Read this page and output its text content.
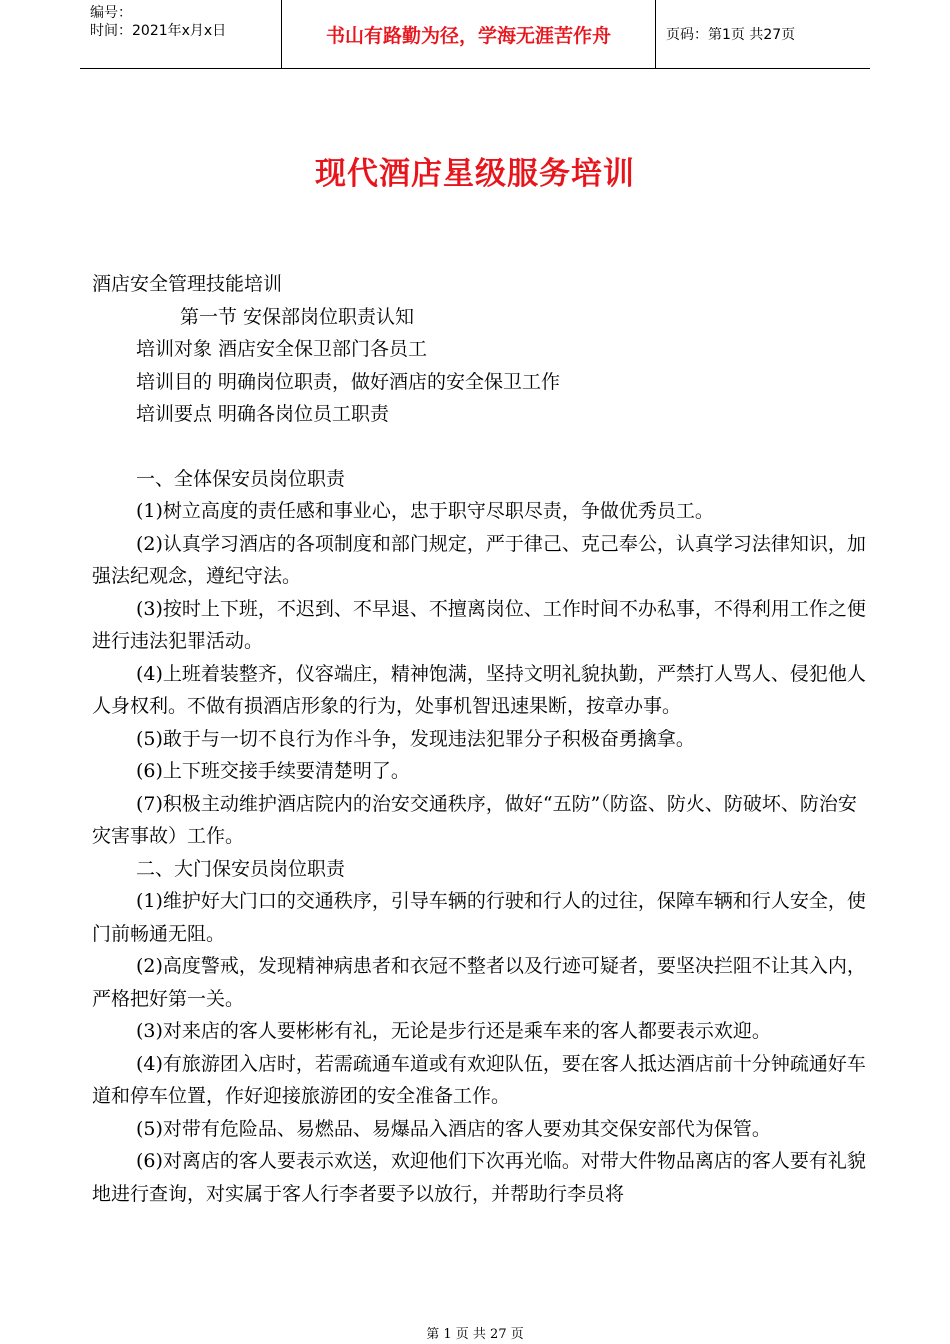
编号：
时间：2021年x月x日	书山有路勤为径，学海无涯苦作舟	页码：第1页 共27页
现代酒店星级服务培训

酒店安全管理技能培训

第一节 安保部岗位职责认知

培训对象 酒店安全保卫部门各员工

培训目的 明确岗位职责，做好酒店的安全保卫工作

培训要点 明确各岗位员工职责

一、全体保安员岗位职责

(1)树立高度的责任感和事业心，忠于职守尽职尽责，争做优秀员工。

(2)认真学习酒店的各项制度和部门规定，严于律己、克己奉公，认真学习法律知识，加强法纪观念，遵纪守法。

(3)按时上下班，不迟到、不早退、不擅离岗位、工作时间不办私事，不得利用工作之便进行违法犯罪活动。

(4)上班着装整齐，仪容端庄，精神饱满，坚持文明礼貌执勤，严禁打人骂人、侵犯他人人身权利。不做有损酒店形象的行为，处事机智迅速果断，按章办事。

(5)敢于与一切不良行为作斗争，发现违法犯罪分子积极奋勇擒拿。

(6)上下班交接手续要清楚明了。

(7)积极主动维护酒店院内的治安交通秩序，做好“五防”（防盗、防火、防破坏、防治安灾害事故）工作。

二、大门保安员岗位职责

(1)维护好大门口的交通秩序，引导车辆的行驶和行人的过往，保障车辆和行人安全，使门前畅通无阻。

(2)高度警戒，发现精神病患者和衣冠不整者以及行迹可疑者，要坚决拦阻不让其入内，严格把好第一关。

(3)对来店的客人要彬彬有礼，无论是步行还是乘车来的客人都要表示欢迎。

(4)有旅游团入店时，若需疏通车道或有欢迎队伍，要在客人抵达酒店前十分钟疏通好车道和停车位置，作好迎接旅游团的安全准备工作。

(5)对带有危险品、易燃品、易爆品入酒店的客人要劝其交保安部代为保管。

(6)对离店的客人要表示欢送，欢迎他们下次再光临。对带大件物品离店的客人要有礼貌地进行查询，对实属于客人行李者要予以放行，并帮助行李员将

第 1 页 共 27 页
